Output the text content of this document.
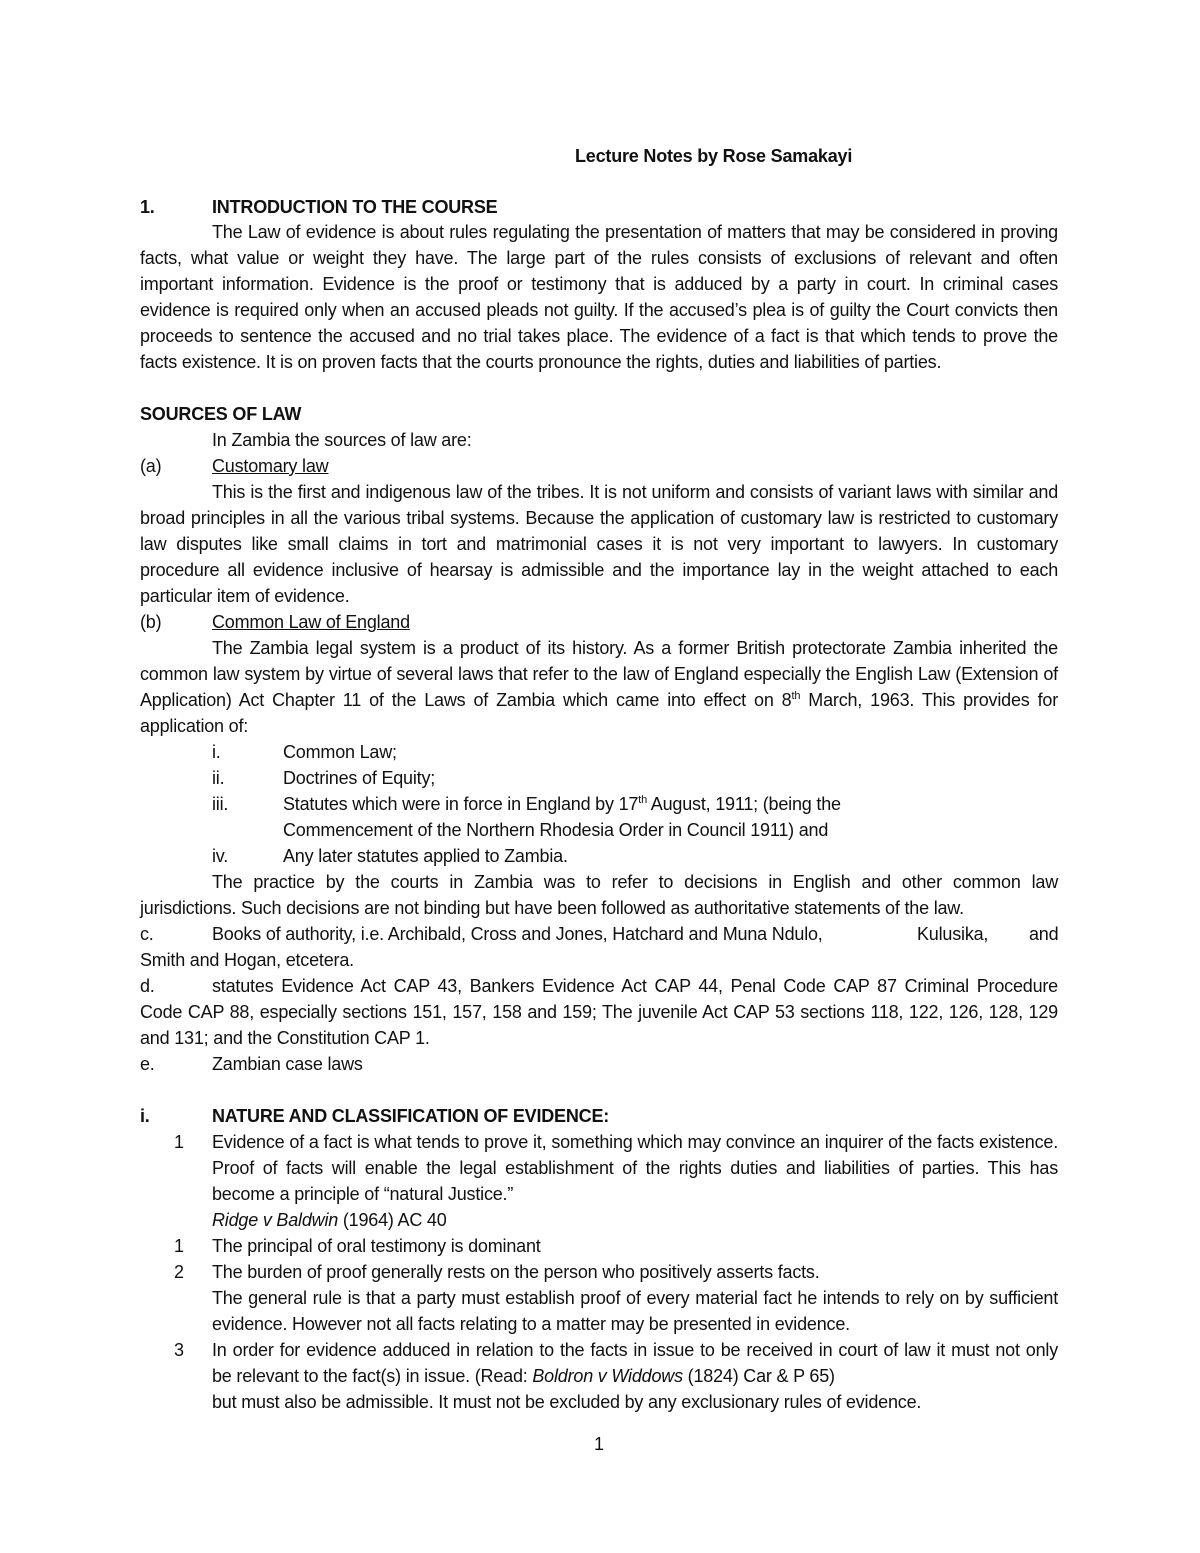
Lecture Notes by Rose Samakayi
1.	INTRODUCTION TO THE COURSE
The Law of evidence is about rules regulating the presentation of matters that may be considered in proving
facts, what value or weight they have. The large part of the rules consists of exclusions of relevant and often
important information. Evidence is the proof or testimony that is adduced by a party in court. In criminal cases
evidence is required only when an accused pleads not guilty. If the accused’s plea is of guilty the Court convicts then
proceeds to sentence the accused and no trial takes place. The evidence of a fact is that which tends to prove the
facts existence. It is on proven facts that the courts pronounce the rights, duties and liabilities of parties.
SOURCES OF LAW
In Zambia the sources of law are:
(a)	Customary law
This is the first and indigenous law of the tribes. It is not uniform and consists of variant laws with similar and
broad principles in all the various tribal systems. Because the application of customary law is restricted to customary
law disputes like small claims in tort and matrimonial cases it is not very important to lawyers. In customary
procedure all evidence inclusive of hearsay is admissible and the importance lay in the weight attached to each
particular item of evidence.
(b)	Common Law of England
The Zambia legal system is a product of its history. As a former British protectorate Zambia inherited the
common law system by virtue of several laws that refer to the law of England especially the English Law (Extension of
Application) Act Chapter 11 of the Laws of Zambia which came into effect on 8th March, 1963. This provides for
application of:
i.	Common Law;
ii.	Doctrines of Equity;
iii.	Statutes which were in force in England by 17th August, 1911; (being the
Commencement of the Northern Rhodesia Order in Council 1911) and
iv.	Any later statutes applied to Zambia.
The practice by the courts in Zambia was to refer to decisions in English and other common law
jurisdictions. Such decisions are not binding but have been followed as authoritative statements of the law.
c.	Books of authority, i.e. Archibald, Cross and Jones, Hatchard and Muna Ndulo,	Kulusika, and
Smith and Hogan, etcetera.
d.	statutes Evidence Act CAP 43, Bankers Evidence Act CAP 44, Penal Code CAP 87 Criminal Procedure
Code CAP 88, especially sections 151, 157, 158 and 159; The juvenile Act CAP 53 sections 118, 122, 126, 128, 129
and 131; and the Constitution CAP 1.
e.	Zambian case laws
i.	NATURE AND CLASSIFICATION OF EVIDENCE:
1 Evidence of a fact is what tends to prove it, something which may convince an inquirer of the facts existence.
Proof of facts will enable the legal establishment of the rights duties and liabilities of parties. This has
become a principle of “natural Justice.”
Ridge v Baldwin (1964) AC 40
1 The principal of oral testimony is dominant
2 The burden of proof generally rests on the person who positively asserts facts.
The general rule is that a party must establish proof of every material fact he intends to rely on by sufficient
evidence. However not all facts relating to a matter may be presented in evidence.
3 In order for evidence adduced in relation to the facts in issue to be received in court of law it must not only
be relevant to the fact(s) in issue. (Read: Boldron v Widdows (1824) Car & P 65)
but must also be admissible. It must not be excluded by any exclusionary rules of evidence.
1
